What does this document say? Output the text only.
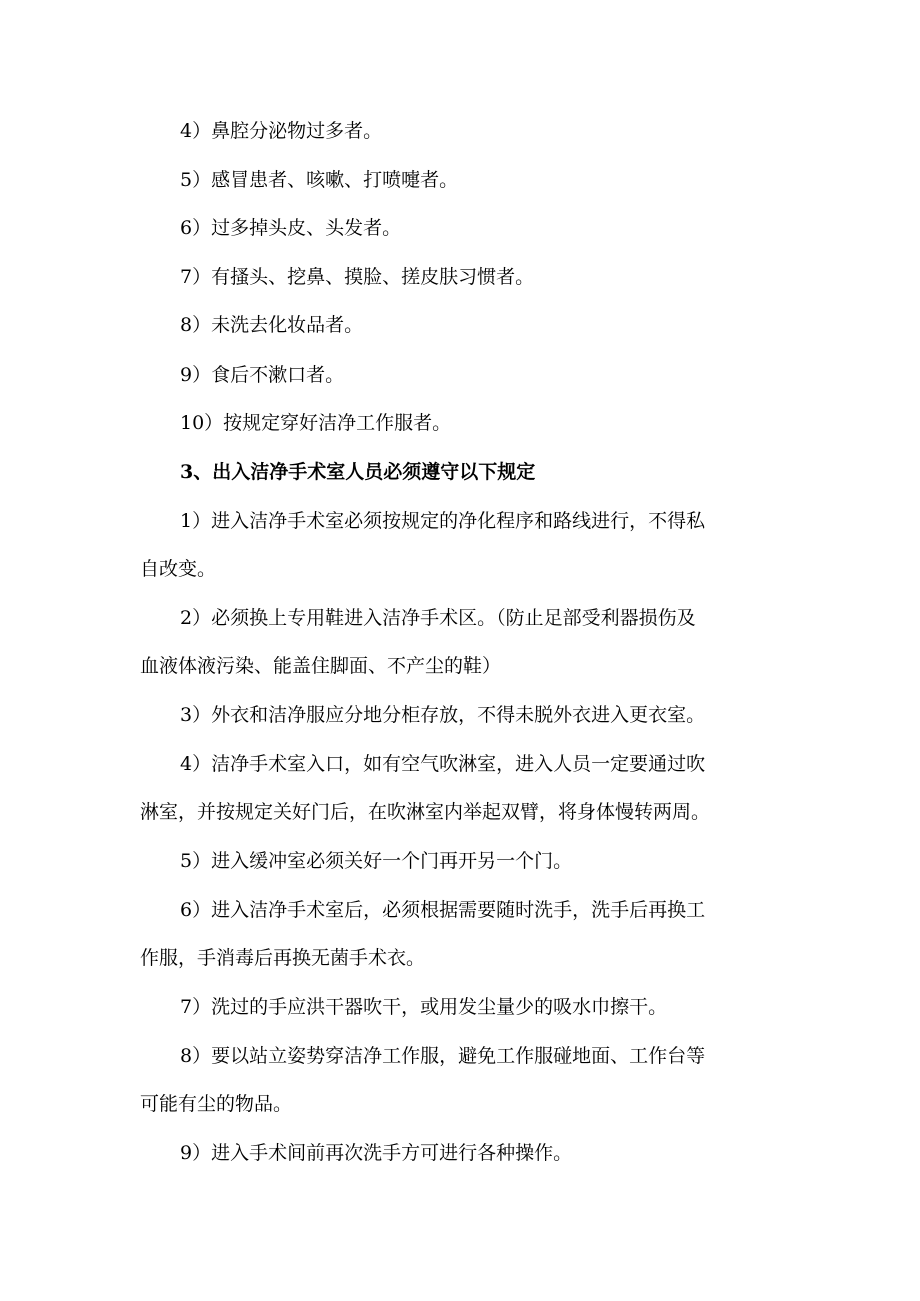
4）鼻腔分泌物过多者。

5）感冒患者、咳嗽、打喷嚏者。

6）过多掉头皮、头发者。

7）有搔头、挖鼻、摸脸、搓皮肤习惯者。

8）未洗去化妆品者。

9）食后不漱口者。

10）按规定穿好洁净工作服者。

3、出入洁净手术室人员必须遵守以下规定

1）进入洁净手术室必须按规定的净化程序和路线进行，不得私

自改变。

2）必须换上专用鞋进入洁净手术区。（防止足部受利器损伤及

血液体液污染、能盖住脚面、不产尘的鞋）

3）外衣和洁净服应分地分柜存放，不得未脱外衣进入更衣室。

4）洁净手术室入口，如有空气吹淋室，进入人员一定要通过吹

淋室，并按规定关好门后，在吹淋室内举起双臂，将身体慢转两周。

5）进入缓冲室必须关好一个门再开另一个门。

6）进入洁净手术室后，必须根据需要随时洗手，洗手后再换工

作服，手消毒后再换无菌手术衣。

7）洗过的手应洪干器吹干，或用发尘量少的吸水巾擦干。

8）要以站立姿势穿洁净工作服，避免工作服碰地面、工作台等

可能有尘的物品。

9）进入手术间前再次洗手方可进行各种操作。
